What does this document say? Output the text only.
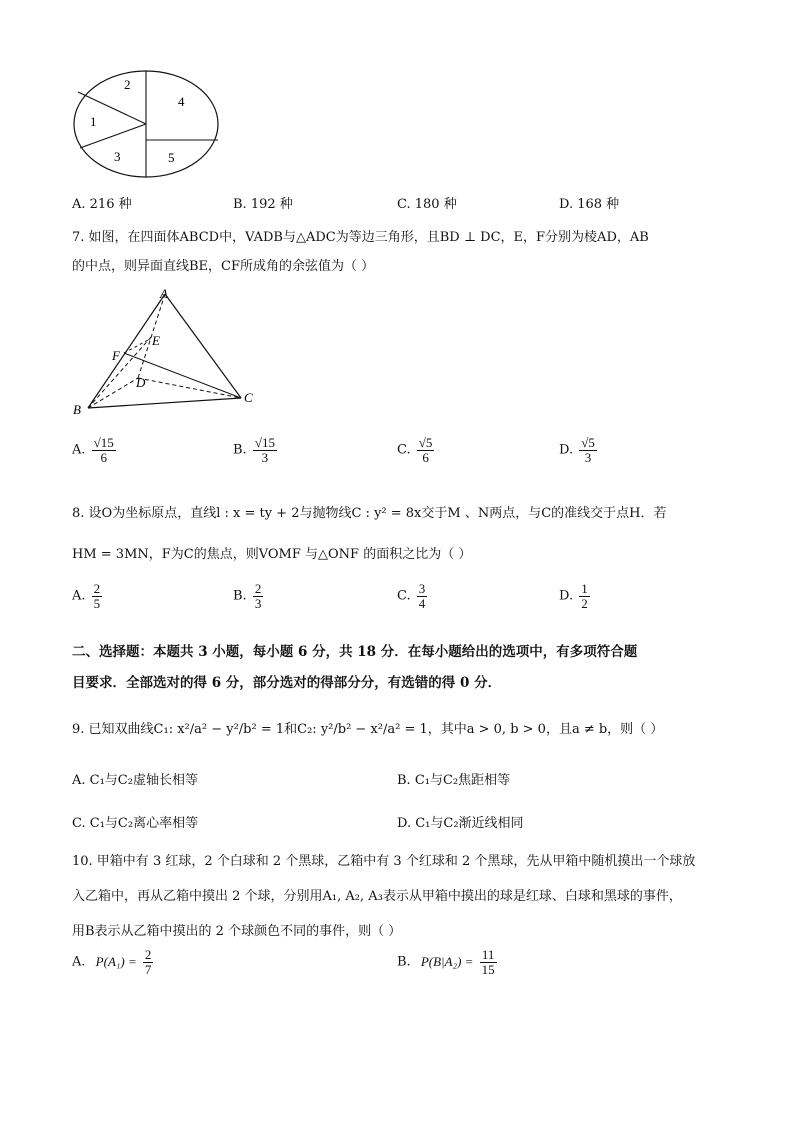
1
2
3
4
5
A. 216 种	B. 192 种	C. 180 种	D. 168 种
7. 如图，在四面体ABCD中，VADB与△ADC为等边三角形，且BD ⊥ DC，E，F分别为棱AD，AB
的中点，则异面直线BE，CF所成角的余弦值为（ ）
A
E
F
D
B
C
A. $\frac{√15}{6}$	B. $\frac{√15}{3}$	C. $\frac{√5}{6}$	D. $\frac{√5}{3}$
8. 设O为坐标原点，直线l : x = ty + 2与抛物线C : y² = 8x交于M 、N两点，与C的准线交于点H．若
HM = 3MN，F为C的焦点，则VOMF 与△ONF 的面积之比为（ ）
A. $\frac{2}{5}$	B. $\frac{2}{3}$	C. $\frac{3}{4}$	D. $\frac{1}{2}$
二、选择题：本题共 3 小题，每小题 6 分，共 18 分．在每小题给出的选项中，有多项符合题
目要求．全部选对的得 6 分，部分选对的得部分分，有选错的得 0 分．
9. 已知双曲线C₁: x²/a² − y²/b² = 1和C₂: y²/b² − x²/a² = 1，其中a > 0, b > 0，且a ≠ b，则（ ）
A. C₁与C₂虚轴长相等	B. C₁与C₂焦距相等
C. C₁与C₂离心率相等	D. C₁与C₂渐近线相同
10. 甲箱中有 3 红球，2 个白球和 2 个黑球，乙箱中有 3 个红球和 2 个黑球，先从甲箱中随机摸出一个球放
入乙箱中，再从乙箱中摸出 2 个球，分别用A₁, A₂, A₃表示从甲箱中摸出的球是红球、白球和黑球的事件，
用B表示从乙箱中摸出的 2 个球颜色不同的事件，则（ ）
A. $P(A_1) = \frac{2}{7}$	B. $P(B|A_2) = \frac{11}{15}$
